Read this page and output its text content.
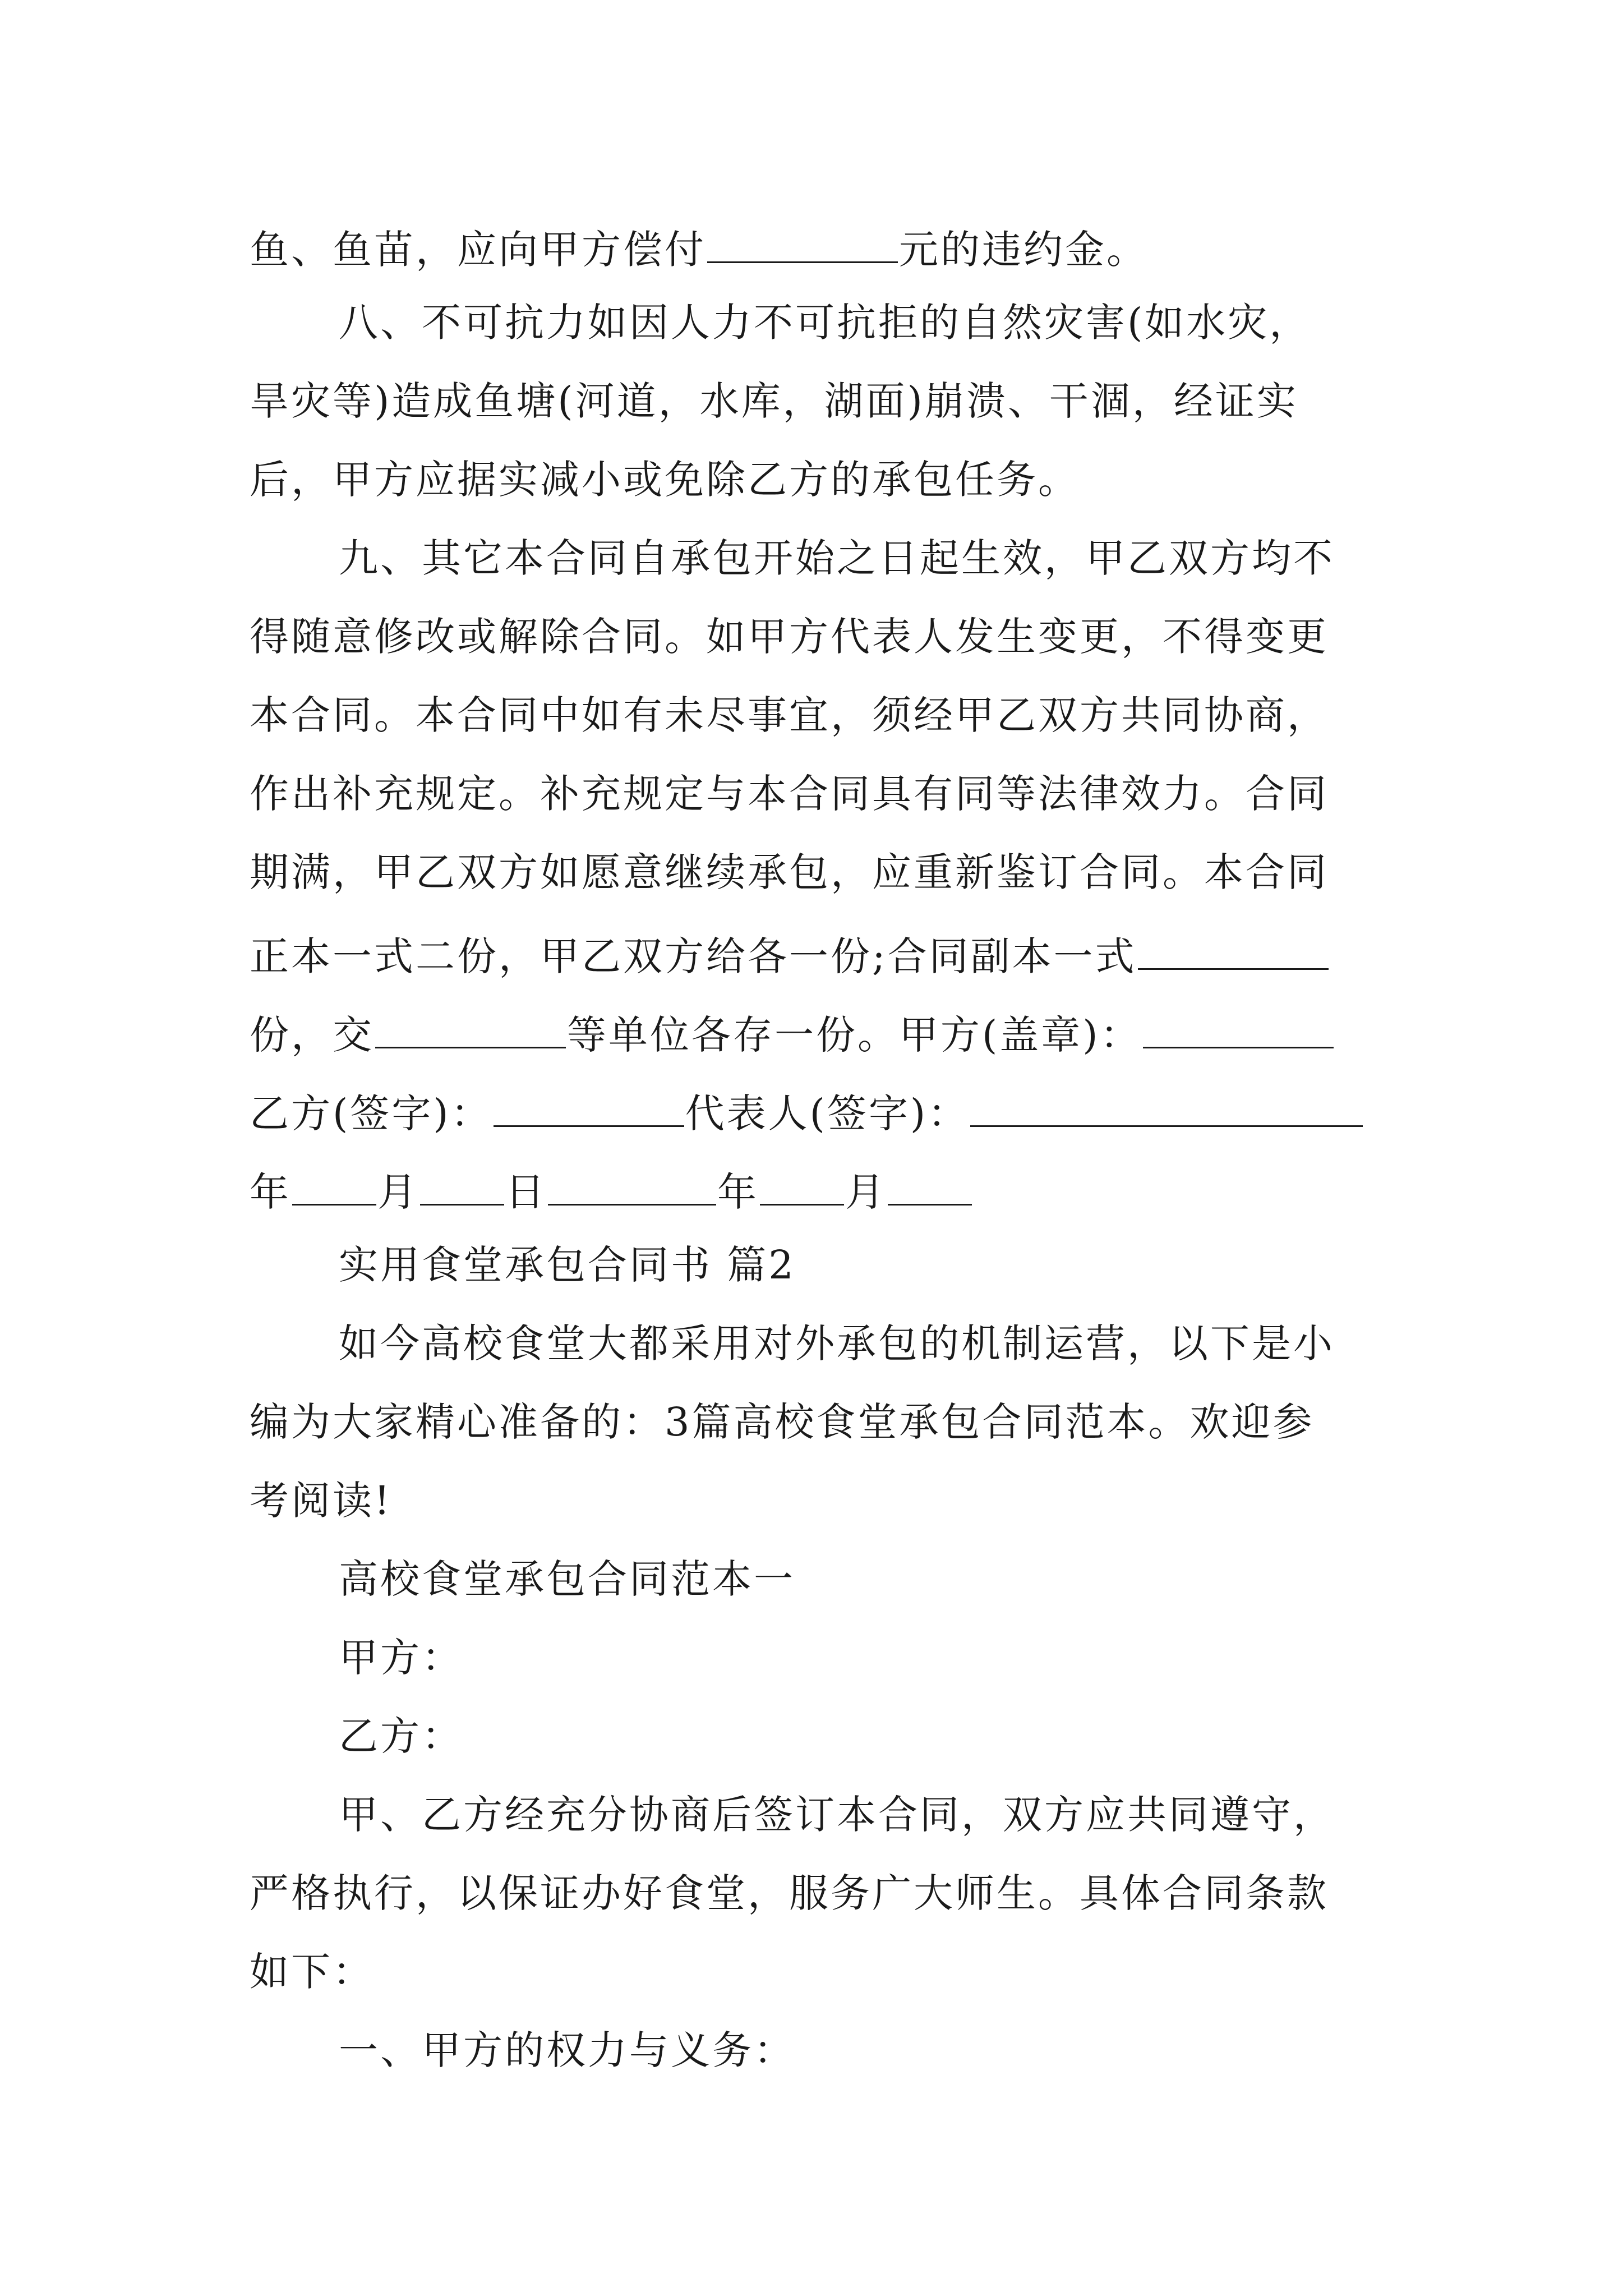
鱼、鱼苗，应向甲方偿付	元的违约金。
八、不可抗力如因人力不可抗拒的自然灾害(如水灾，
旱灾等)造成鱼塘(河道，水库，湖面)崩溃、干涸，经证实
后，甲方应据实减小或免除乙方的承包任务。
九、其它本合同自承包开始之日起生效，甲乙双方均不
得随意修改或解除合同。如甲方代表人发生变更，不得变更
本合同。本合同中如有未尽事宜，须经甲乙双方共同协商，
作出补充规定。补充规定与本合同具有同等法律效力。合同
期满，甲乙双方如愿意继续承包，应重新鉴订合同。本合同
正本一式二份，甲乙双方给各一份;合同副本一式
份，交	等单位各存一份。甲方(盖章)：
乙方(签字)：	代表人(签字)：
年 月 日	年 月
实用食堂承包合同书 篇2
如今高校食堂大都采用对外承包的机制运营，以下是小
编为大家精心准备的：3篇高校食堂承包合同范本。欢迎参
考阅读!
高校食堂承包合同范本一
甲方：
乙方：
甲、乙方经充分协商后签订本合同，双方应共同遵守，
严格执行，以保证办好食堂，服务广大师生。具体合同条款
如下：
一、甲方的权力与义务：
